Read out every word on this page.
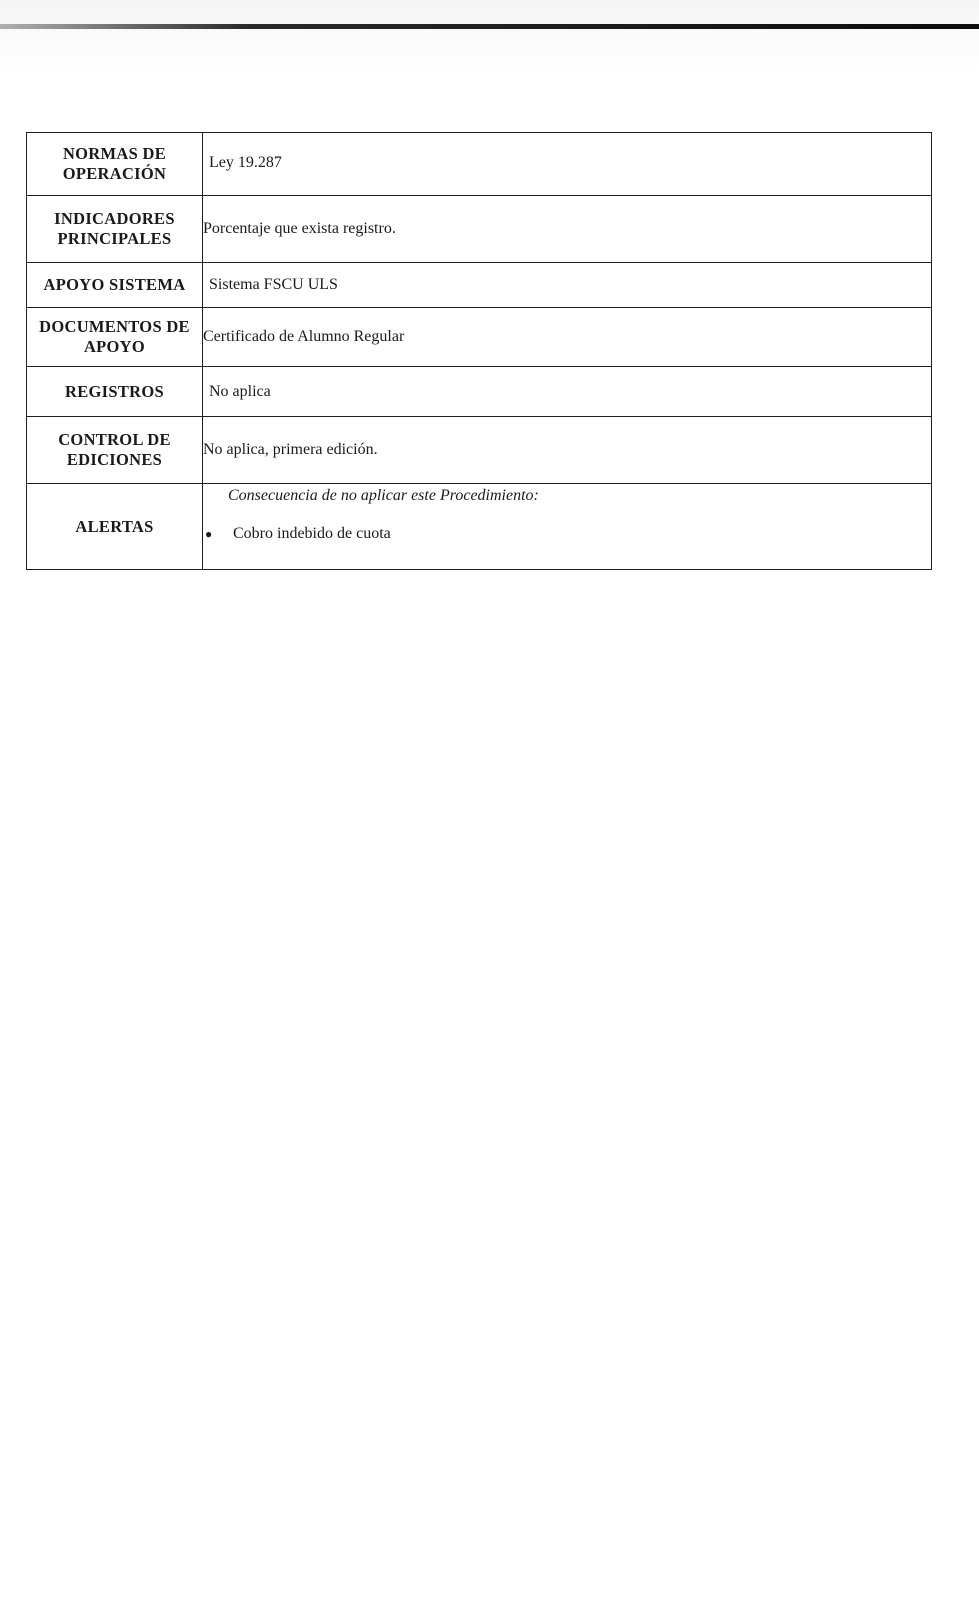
NORMAS DE OPERACIÓN	Ley 19.287
INDICADORES PRINCIPALES	Porcentaje que exista registro.
APOYO SISTEMA	Sistema FSCU ULS
DOCUMENTOS DE APOYO	Certificado de Alumno Regular
REGISTROS	No aplica
CONTROL DE EDICIONES	No aplica, primera edición.
ALERTAS	Consecuencia de no aplicar este Procedimiento:
● Cobro indebido de cuota
